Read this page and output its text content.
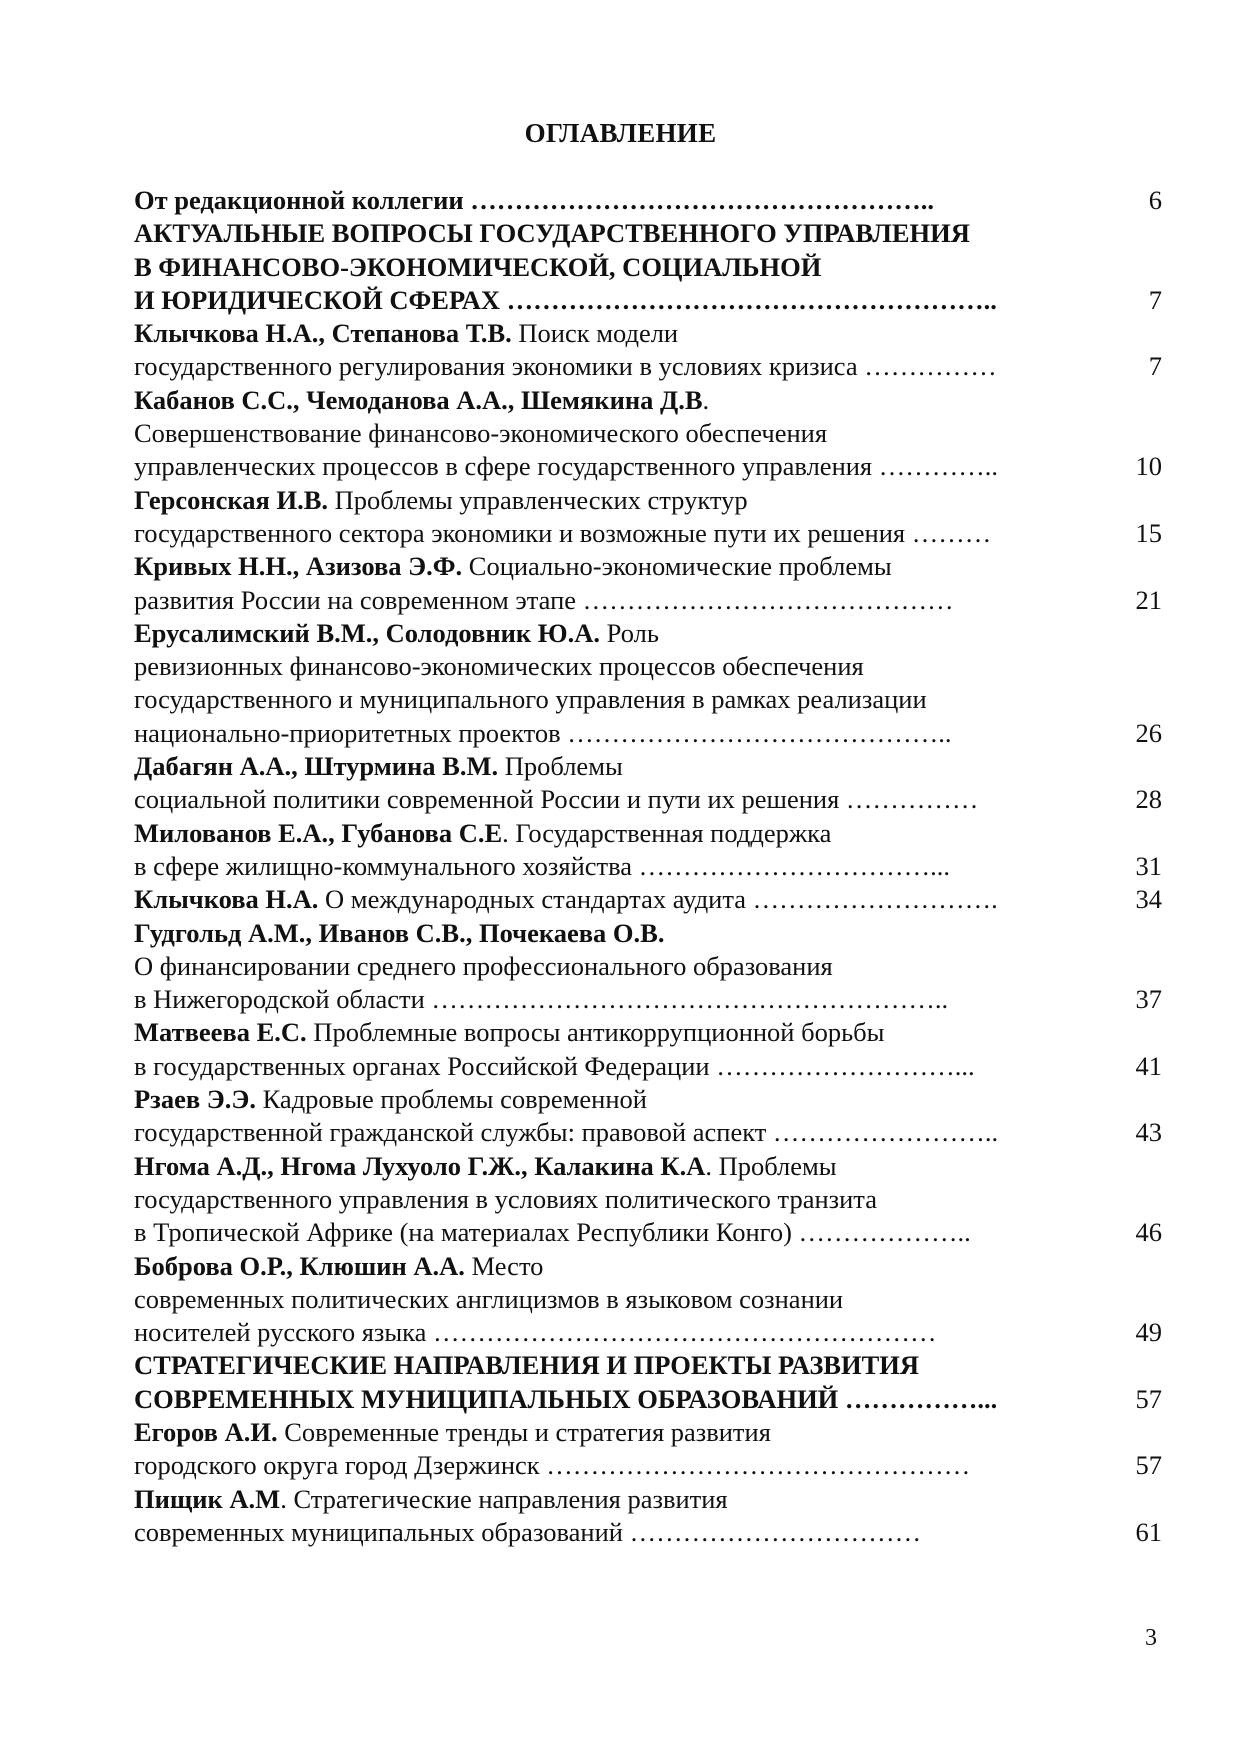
ОГЛАВЛЕНИЕ
От редакционной коллегии ……………………………………………..	6
АКТУАЛЬНЫЕ ВОПРОСЫ ГОСУДАРСТВЕННОГО УПРАВЛЕНИЯ
В ФИНАНСОВО-ЭКОНОМИЧЕСКОЙ, СОЦИАЛЬНОЙ
И ЮРИДИЧЕСКОЙ СФЕРАХ ………………………………………………..	7
Клычкова Н.А., Степанова Т.В. Поиск модели
государственного регулирования экономики в условиях кризиса ……………	7
Кабанов С.С., Чемоданова А.А., Шемякина Д.В.
Совершенствование финансово-экономического обеспечения
управленческих процессов в сфере государственного управления …………..	10
Герсонская И.В. Проблемы управленческих структур
государственного сектора экономики и возможные пути их решения ………	15
Кривых Н.Н., Азизова Э.Ф. Социально-экономические проблемы
развития России на современном этапе ……………………………………	21
Ерусалимский В.М., Солодовник Ю.А. Роль
ревизионных финансово-экономических процессов обеспечения
государственного и муниципального управления в рамках реализации
национально-приоритетных проектов ……………………………………..	26
Дабагян А.А., Штурмина В.М. Проблемы
социальной политики современной России и пути их решения ……………	28
Милованов Е.А., Губанова С.Е. Государственная поддержка
в сфере жилищно-коммунального хозяйства ……………………………...	31
Клычкова Н.А. О международных стандартах аудита ……………………….	34
Гудгольд А.М., Иванов С.В., Почекаева О.В.
О финансировании среднего профессионального образования
в Нижегородской области …………………………………………………..	37
Матвеева Е.С. Проблемные вопросы антикоррупционной борьбы
в государственных органах Российской Федерации ………………………...	41
Рзаев Э.Э. Кадровые проблемы современной
государственной гражданской службы: правовой аспект ……………………..	43
Нгома А.Д., Нгома Лухуоло Г.Ж., Калакина К.А. Проблемы
государственного управления в условиях политического транзита
в Тропической Африке (на материалах Республики Конго) ………………..	46
Боброва О.Р., Клюшин А.А. Место
современных политических англицизмов в языковом сознании
носителей русского языка …………………………………………………	49
СТРАТЕГИЧЕСКИЕ НАПРАВЛЕНИЯ И ПРОЕКТЫ РАЗВИТИЯ
СОВРЕМЕННЫХ МУНИЦИПАЛЬНЫХ ОБРАЗОВАНИЙ ……………...	57
Егоров А.И. Современные тренды и стратегия развития
городского округа город Дзержинск …………………………………………	57
Пищик А.М. Стратегические направления развития
современных муниципальных образований ……………………………	61
3
